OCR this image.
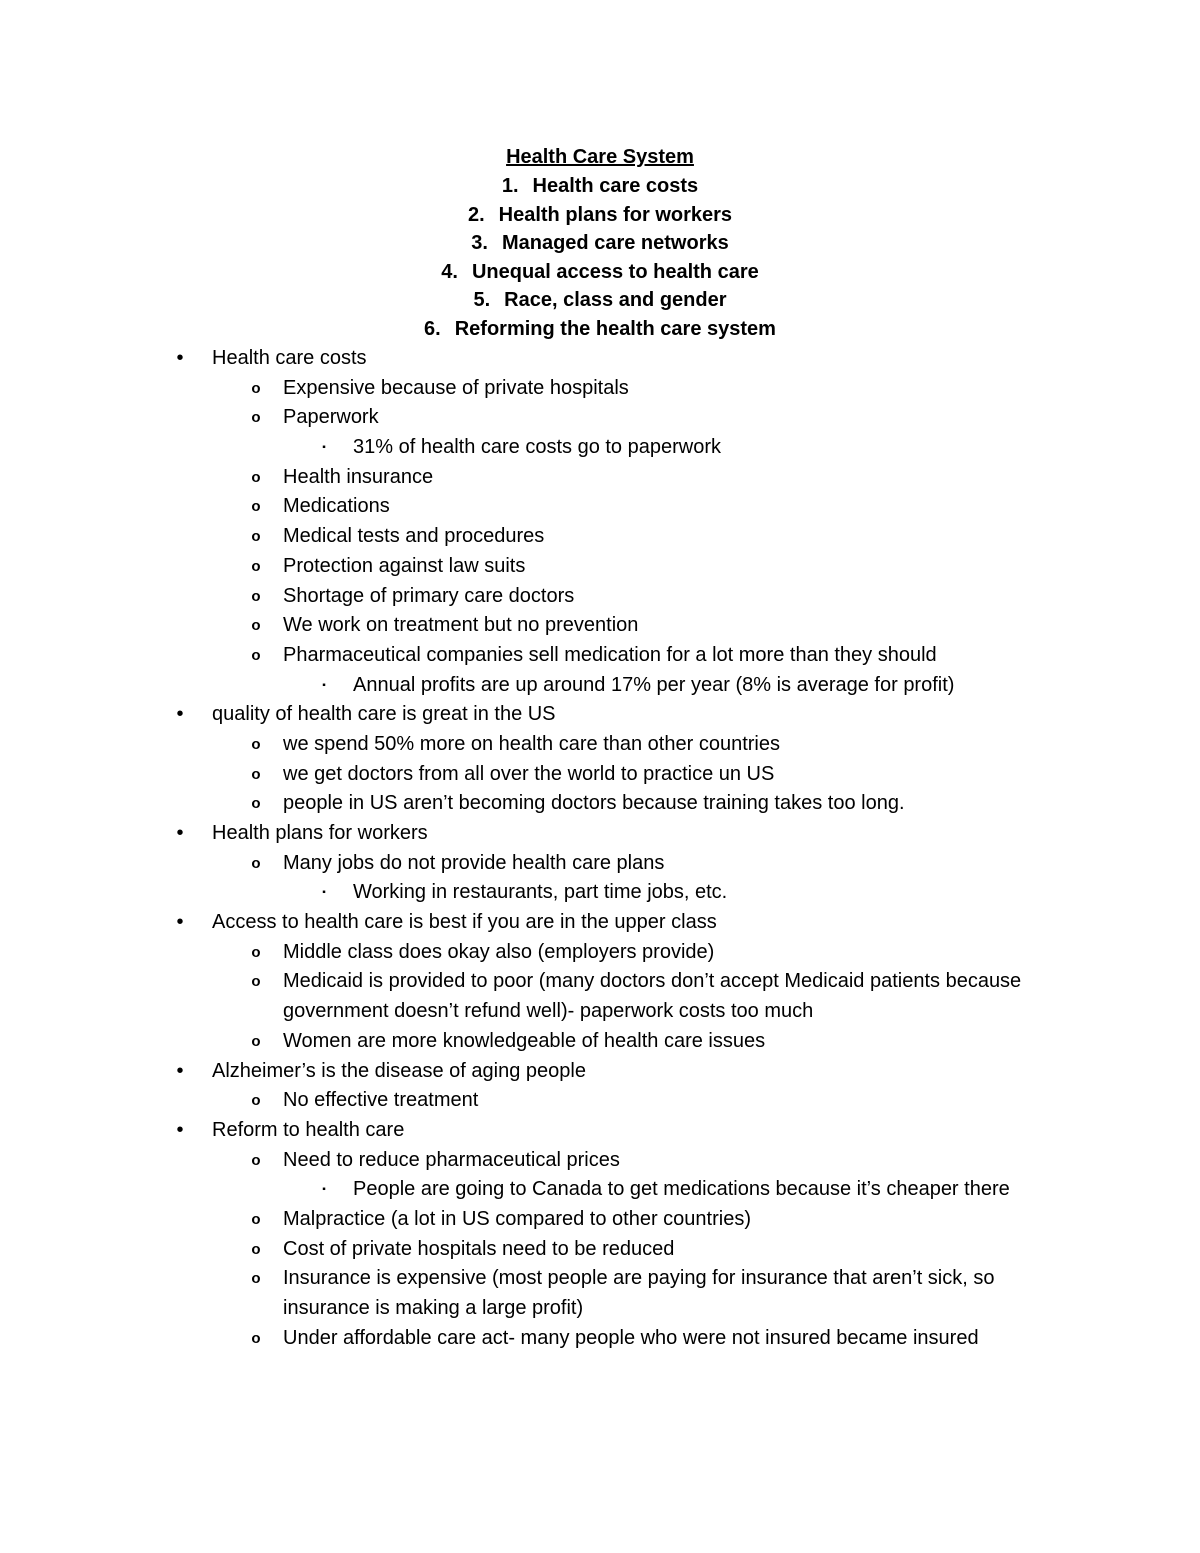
Health Care System
1. Health care costs
2. Health plans for workers
3. Managed care networks
4. Unequal access to health care
5. Race, class and gender
6. Reforming the health care system
•	Health care costs
o Expensive because of private hospitals
o Paperwork
▪	31% of health care costs go to paperwork
o Health insurance
o Medications
o Medical tests and procedures
o Protection against law suits
o Shortage of primary care doctors
o We work on treatment but no prevention
o Pharmaceutical companies sell medication for a lot more than they should
▪	Annual profits are up around 17% per year (8% is average for profit)
•	quality of health care is great in the US
o we spend 50% more on health care than other countries
o we get doctors from all over the world to practice un US
o people in US aren’t becoming doctors because training takes too long.
•	Health plans for workers
o Many jobs do not provide health care plans
▪	Working in restaurants, part time jobs, etc.
•	Access to health care is best if you are in the upper class
o Middle class does okay also (employers provide)
o Medicaid is provided to poor (many doctors don’t accept Medicaid patients because government doesn’t refund well)- paperwork costs too much
o Women are more knowledgeable of health care issues
•	Alzheimer’s is the disease of aging people
o No effective treatment
•	Reform to health care
o Need to reduce pharmaceutical prices
▪	People are going to Canada to get medications because it’s cheaper there
o Malpractice (a lot in US compared to other countries)
o Cost of private hospitals need to be reduced
o Insurance is expensive (most people are paying for insurance that aren’t sick, so insurance is making a large profit)
o Under affordable care act- many people who were not insured became insured
